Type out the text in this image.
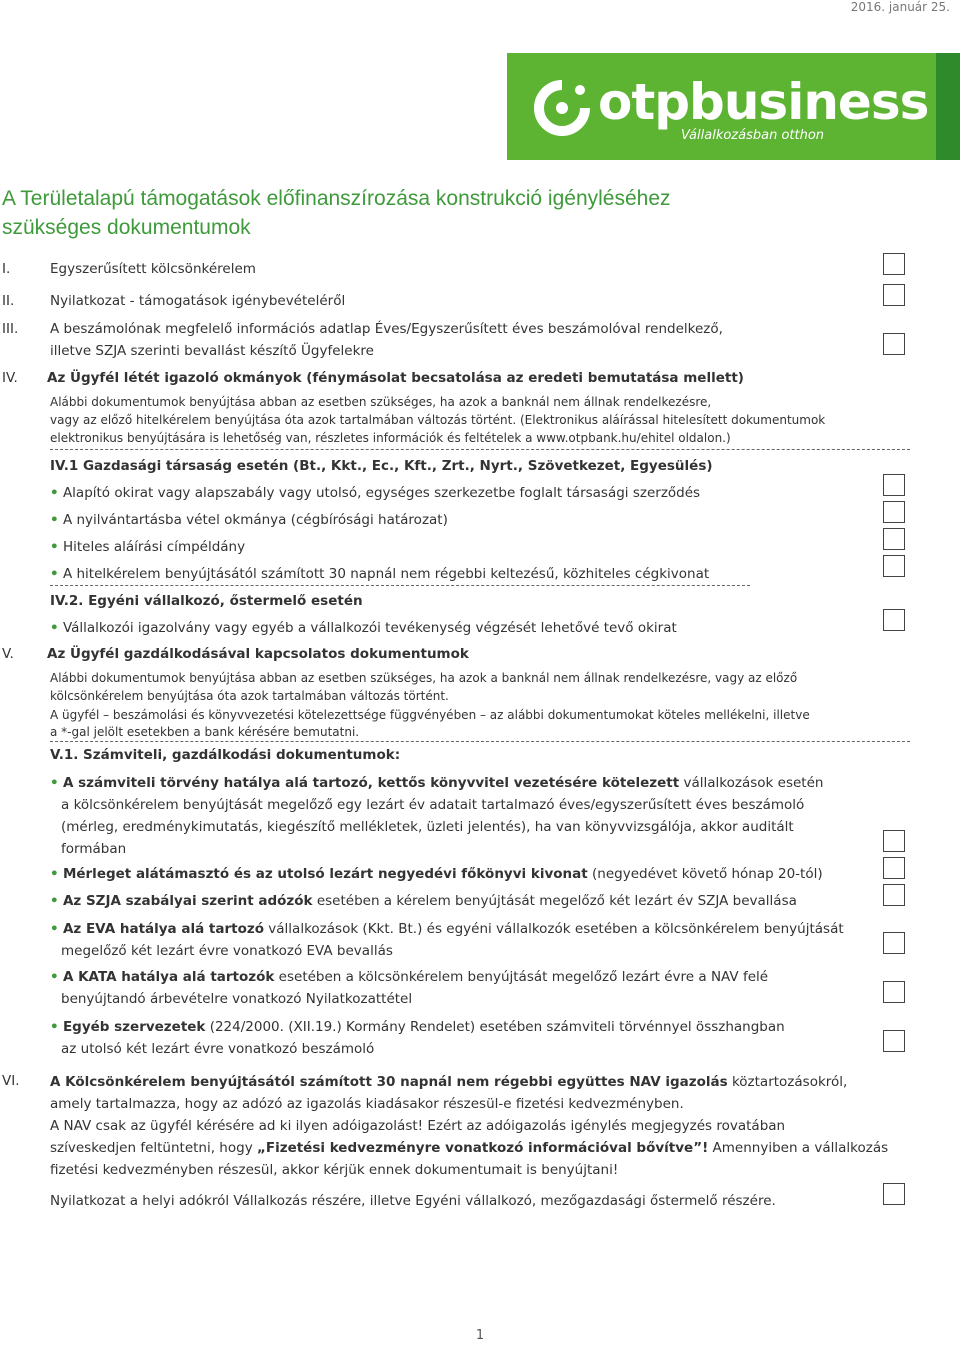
2016. január 25.
otpbusiness
Vállalkozásban otthon
A Területalapú támogatások előfinanszírozása konstrukció igényléséhez
szükséges dokumentumok
I.	Egyszerűsített kölcsönkérelem
II.	Nyilatkozat - támogatások igénybevételéről
III. A beszámolónak megfelelő információs adatlap Éves/Egyszerűsített éves beszámolóval rendelkező,
illetve SZJA szerinti bevallást készítő Ügyfelekre
IV. Az Ügyfél létét igazoló okmányok (fénymásolat becsatolása az eredeti bemutatása mellett)
Alábbi dokumentumok benyújtása abban az esetben szükséges, ha azok a banknál nem állnak rendelkezésre,
vagy az előző hitelkérelem benyújtása óta azok tartalmában változás történt. (Elektronikus aláírással hitelesített dokumentumok
elektronikus benyújtására is lehetőség van, részletes információk és feltételek a www.otpbank.hu/ehitel oldalon.)
IV.1 Gazdasági társaság esetén (Bt., Kkt., Ec., Kft., Zrt., Nyrt., Szövetkezet, Egyesülés)
• Alapító okirat vagy alapszabály vagy utolsó, egységes szerkezetbe foglalt társasági szerződés
• A nyilvántartásba vétel okmánya (cégbírósági határozat)
• Hiteles aláírási címpéldány
• A hitelkérelem benyújtásától számított 30 napnál nem régebbi keltezésű, közhiteles cégkivonat
IV.2. Egyéni vállalkozó, őstermelő esetén
• Vállalkozói igazolvány vagy egyéb a vállalkozói tevékenység végzését lehetővé tevő okirat
V. Az Ügyfél gazdálkodásával kapcsolatos dokumentumok
Alábbi dokumentumok benyújtása abban az esetben szükséges, ha azok a banknál nem állnak rendelkezésre, vagy az előző
kölcsönkérelem benyújtása óta azok tartalmában változás történt.
A ügyfél – beszámolási és könyvvezetési kötelezettsége függvényében – az alábbi dokumentumokat köteles mellékelni, illetve
a *-gal jelölt esetekben a bank kérésére bemutatni.
V.1. Számviteli, gazdálkodási dokumentumok:
• A számviteli törvény hatálya alá tartozó, kettős könyvvitel vezetésére kötelezett vállalkozások esetén
a kölcsönkérelem benyújtását megelőző egy lezárt év adatait tartalmazó éves/egyszerűsített éves beszámoló
(mérleg, eredménykimutatás, kiegészítő mellékletek, üzleti jelentés), ha van könyvvizsgálója, akkor auditált
formában
• Mérleget alátámasztó és az utolsó lezárt negyedévi főkönyvi kivonat (negyedévet követő hónap 20-tól)
• Az SZJA szabályai szerint adózók esetében a kérelem benyújtását megelőző két lezárt év SZJA bevallása
• Az EVA hatálya alá tartozó vállalkozások (Kkt. Bt.) és egyéni vállalkozók esetében a kölcsönkérelem benyújtását
megelőző két lezárt évre vonatkozó EVA bevallás
• A KATA hatálya alá tartozók esetében a kölcsönkérelem benyújtását megelőző lezárt évre a NAV felé
benyújtandó árbevételre vonatkozó Nyilatkozattétel
• Egyéb szervezetek (224/2000. (XII.19.) Kormány Rendelet) esetében számviteli törvénnyel összhangban
az utolsó két lezárt évre vonatkozó beszámoló
VI. A Kölcsönkérelem benyújtásától számított 30 napnál nem régebbi együttes NAV igazolás köztartozásokról,
amely tartalmazza, hogy az adózó az igazolás kiadásakor részesül-e fizetési kedvezményben.
A NAV csak az ügyfél kérésére ad ki ilyen adóigazolást! Ezért az adóigazolás igénylés megjegyzés rovatában
szíveskedjen feltüntetni, hogy „Fizetési kedvezményre vonatkozó információval bővítve”! Amennyiben a vállalkozás
fizetési kedvezményben részesül, akkor kérjük ennek dokumentumait is benyújtani!
Nyilatkozat a helyi adókról Vállalkozás részére, illetve Egyéni vállalkozó, mezőgazdasági őstermelő részére.
1
